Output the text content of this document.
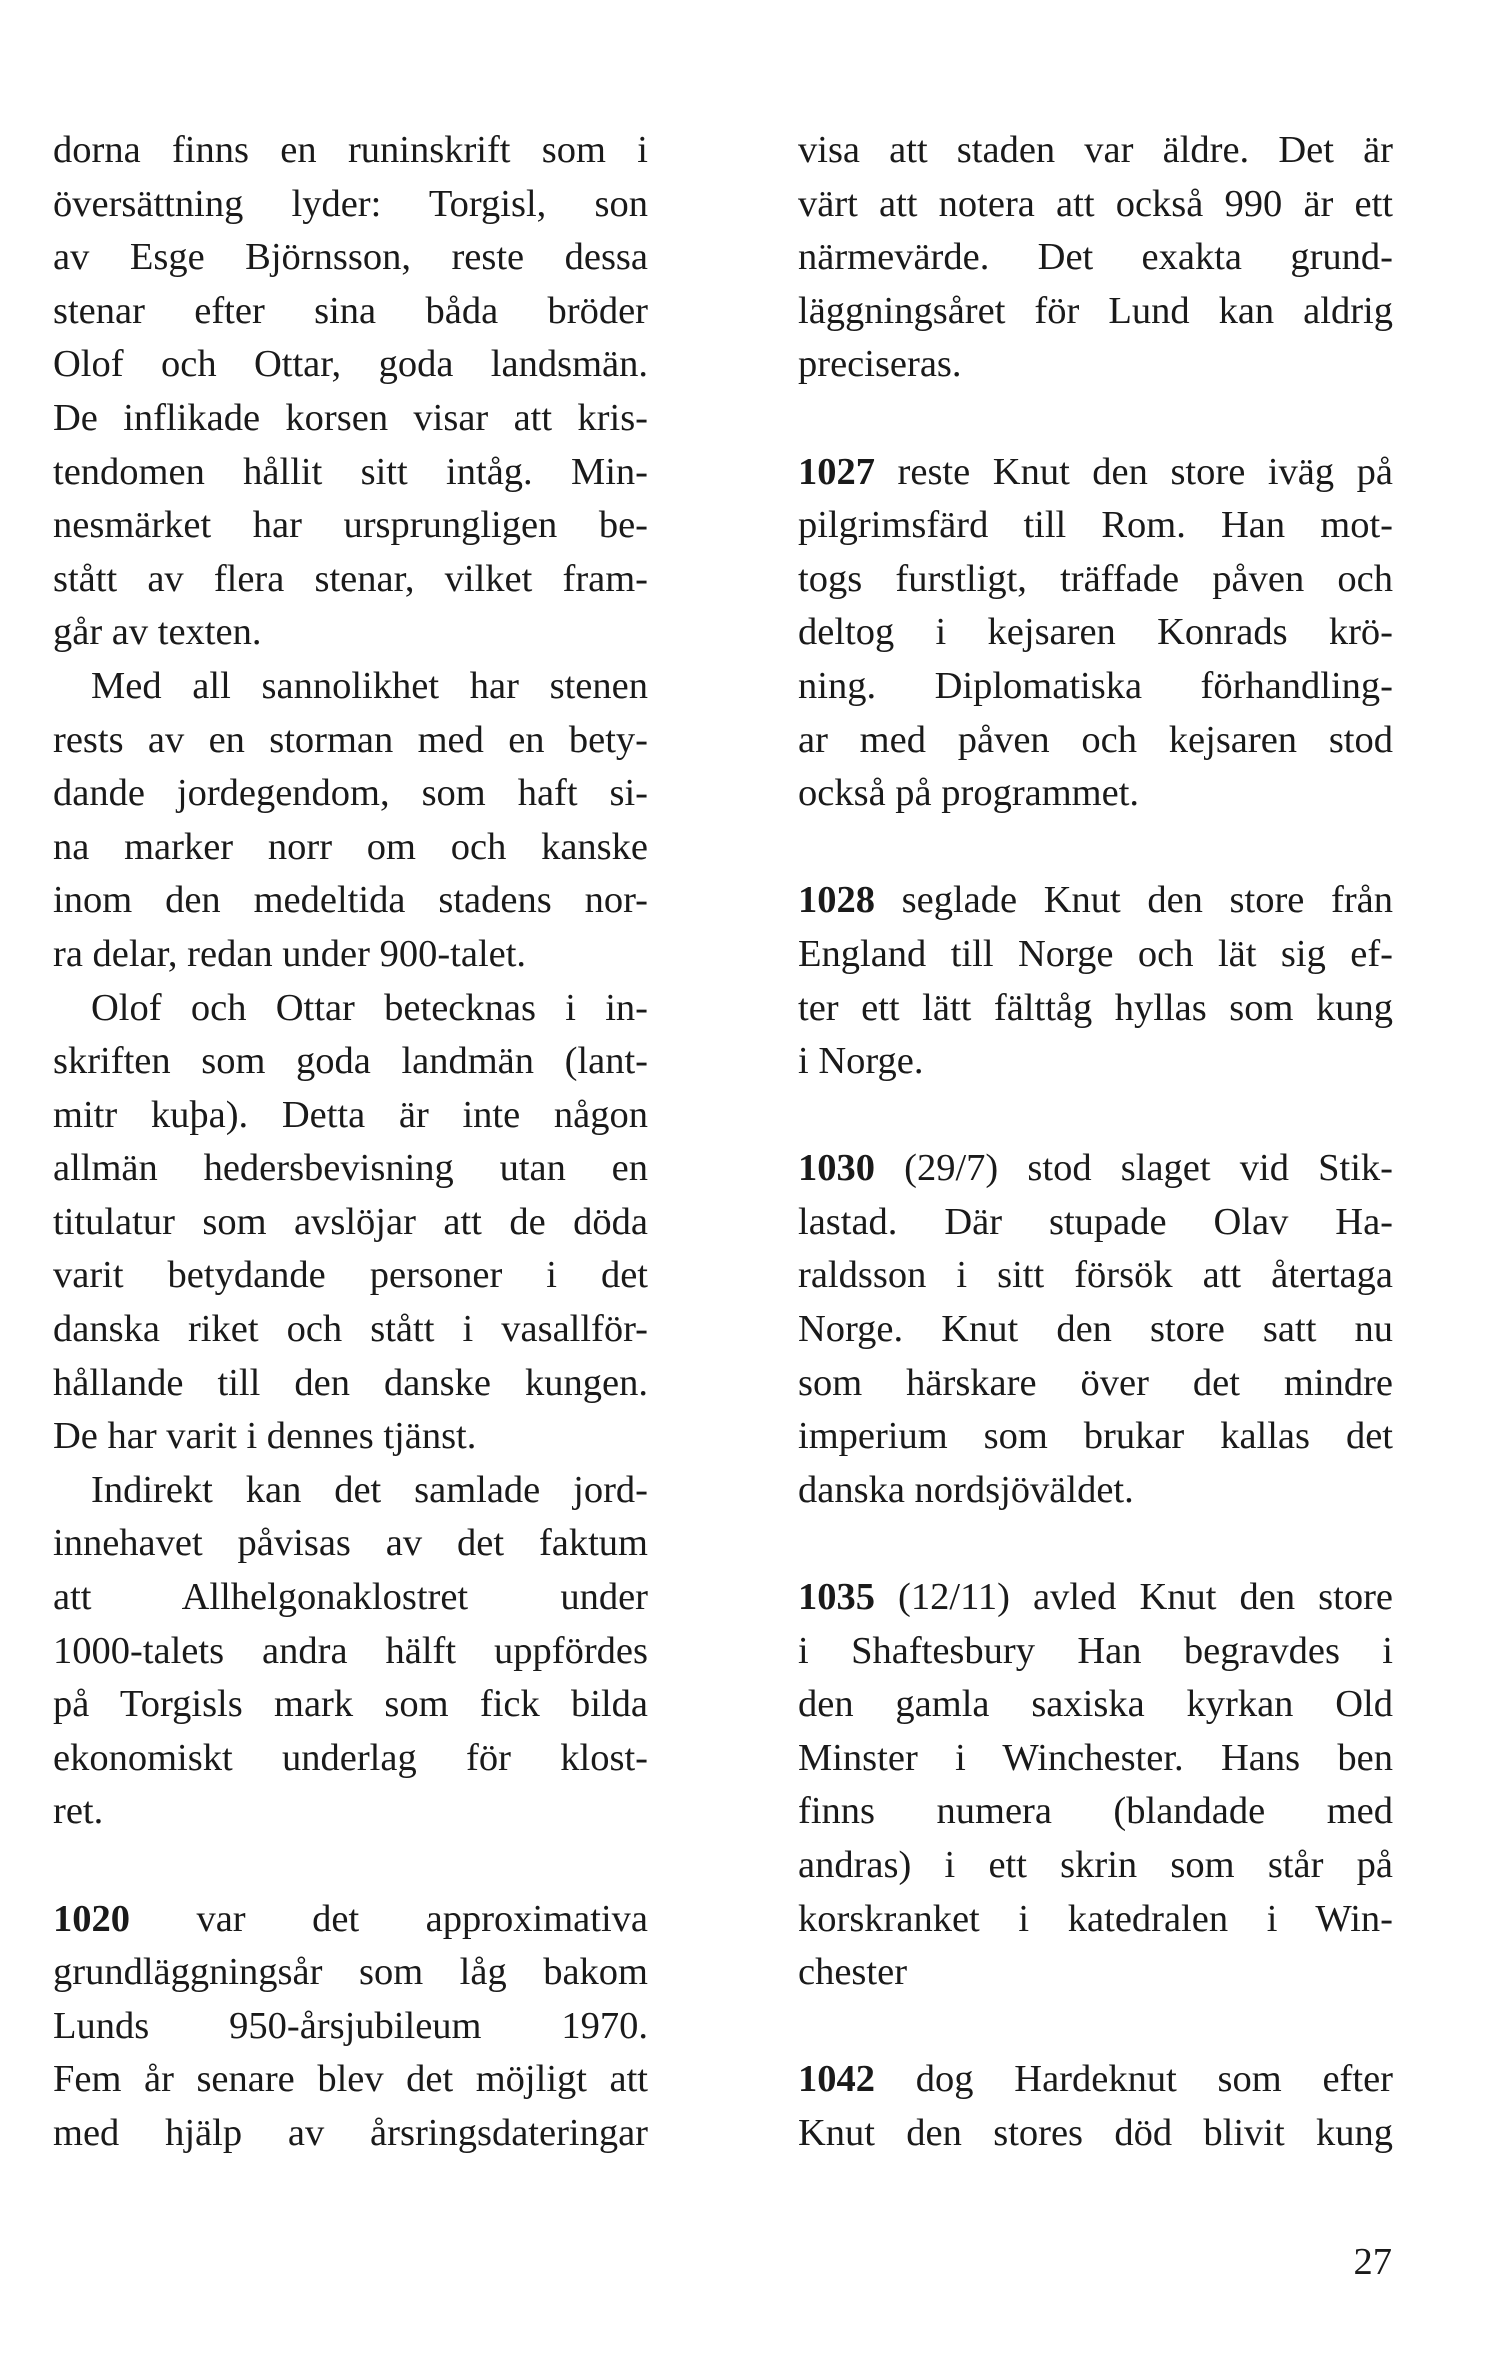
dorna finns en runinskrift som i
översättning lyder: Torgisl, son
av Esge Björnsson, reste dessa
stenar efter sina båda bröder
Olof och Ottar, goda landsmän.
De inflikade korsen visar att kris-
tendomen hållit sitt intåg. Min-
nesmärket har ursprungligen be-
stått av flera stenar, vilket fram-
går av texten.
Med all sannolikhet har stenen
rests av en storman med en bety-
dande jordegendom, som haft si-
na marker norr om och kanske
inom den medeltida stadens nor-
ra delar, redan under 900-talet.
Olof och Ottar betecknas i in-
skriften som goda landmän (lant-
mitr kuþa). Detta är inte någon
allmän hedersbevisning utan en
titulatur som avslöjar att de döda
varit betydande personer i det
danska riket och stått i vasallför-
hållande till den danske kungen.
De har varit i dennes tjänst.
Indirekt kan det samlade jord-
innehavet påvisas av det faktum
att Allhelgonaklostret under
1000-talets andra hälft uppfördes
på Torgisls mark som fick bilda
ekonomiskt underlag för klost-
ret.
1020 var det approximativa
grundläggningsår som låg bakom
Lunds 950-årsjubileum 1970.
Fem år senare blev det möjligt att
med hjälp av årsringsdateringar
visa att staden var äldre. Det är
värt att notera att också 990 är ett
närmevärde. Det exakta grund-
läggningsåret för Lund kan aldrig
preciseras.
1027 reste Knut den store iväg på
pilgrimsfärd till Rom. Han mot-
togs furstligt, träffade påven och
deltog i kejsaren Konrads krö-
ning. Diplomatiska förhandling-
ar med påven och kejsaren stod
också på programmet.
1028 seglade Knut den store från
England till Norge och lät sig ef-
ter ett lätt fälttåg hyllas som kung
i Norge.
1030 (29/7) stod slaget vid Stik-
lastad. Där stupade Olav Ha-
raldsson i sitt försök att återtaga
Norge. Knut den store satt nu
som härskare över det mindre
imperium som brukar kallas det
danska nordsjöväldet.
1035 (12/11) avled Knut den store
i Shaftesbury Han begravdes i
den gamla saxiska kyrkan Old
Minster i Winchester. Hans ben
finns numera (blandade med
andras) i ett skrin som står på
korskranket i katedralen i Win-
chester
1042 dog Hardeknut som efter
Knut den stores död blivit kung
27
